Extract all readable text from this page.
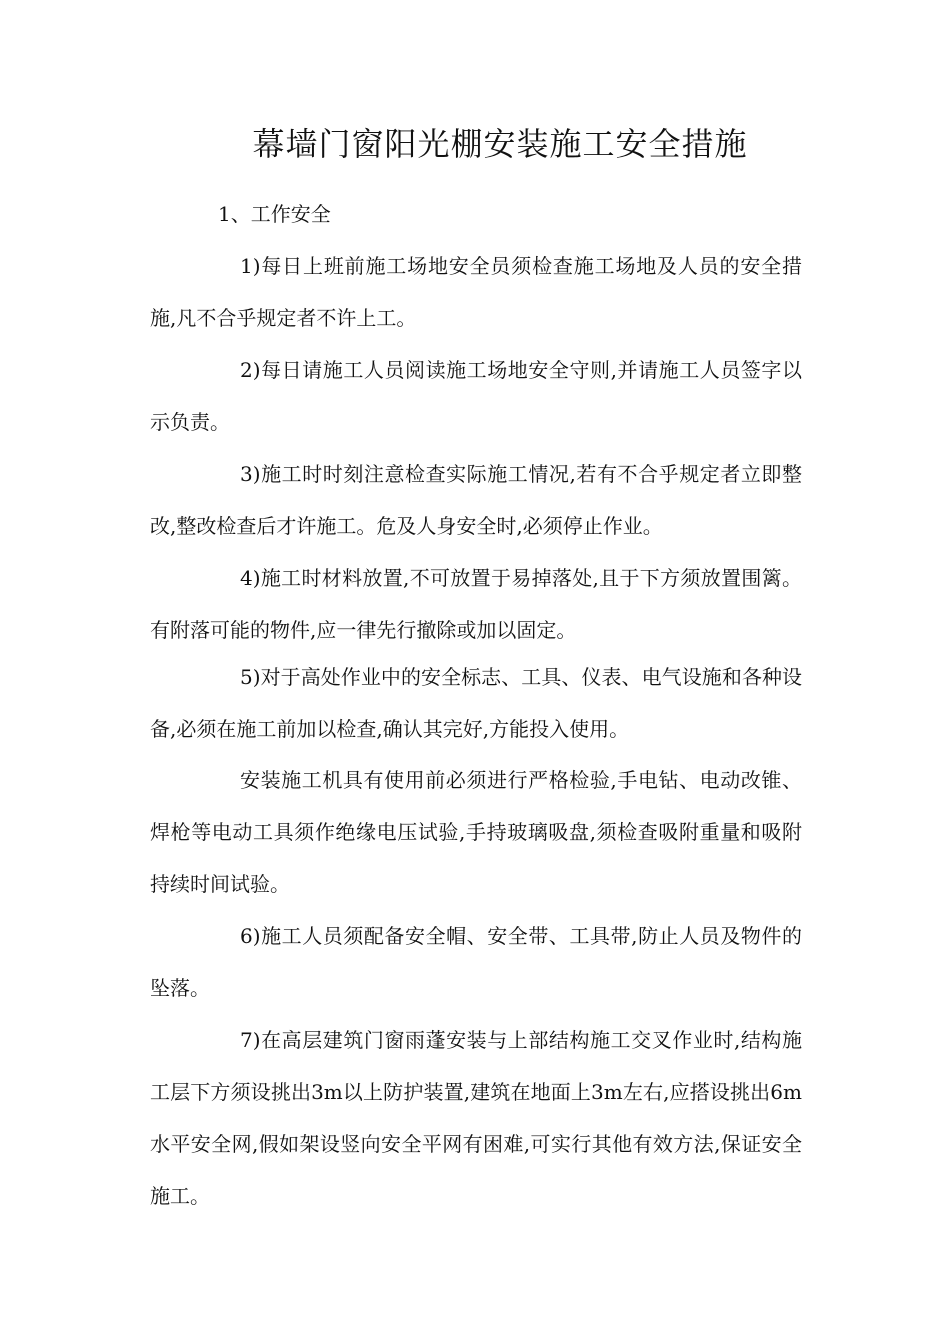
幕墙门窗阳光棚安装施工安全措施
1、工作安全
1)每日上班前施工场地安全员须检查施工场地及人员的安全措施,凡不合乎规定者不许上工。
2)每日请施工人员阅读施工场地安全守则,并请施工人员签字以示负责。
3)施工时时刻注意检查实际施工情况,若有不合乎规定者立即整改,整改检查后才许施工。危及人身安全时,必须停止作业。
4)施工时材料放置,不可放置于易掉落处,且于下方须放置围篱。有附落可能的物件,应一律先行撤除或加以固定。
5)对于高处作业中的安全标志、工具、仪表、电气设施和各种设备,必须在施工前加以检查,确认其完好,方能投入使用。
安装施工机具有使用前必须进行严格检验,手电钻、电动改锥、焊枪等电动工具须作绝缘电压试验,手持玻璃吸盘,须检查吸附重量和吸附持续时间试验。
6)施工人员须配备安全帽、安全带、工具带,防止人员及物件的坠落。
7)在高层建筑门窗雨蓬安装与上部结构施工交叉作业时,结构施工层下方须设挑出3m以上防护装置,建筑在地面上3m左右,应搭设挑出6m水平安全网,假如架设竖向安全平网有困难,可实行其他有效方法,保证安全施工。
